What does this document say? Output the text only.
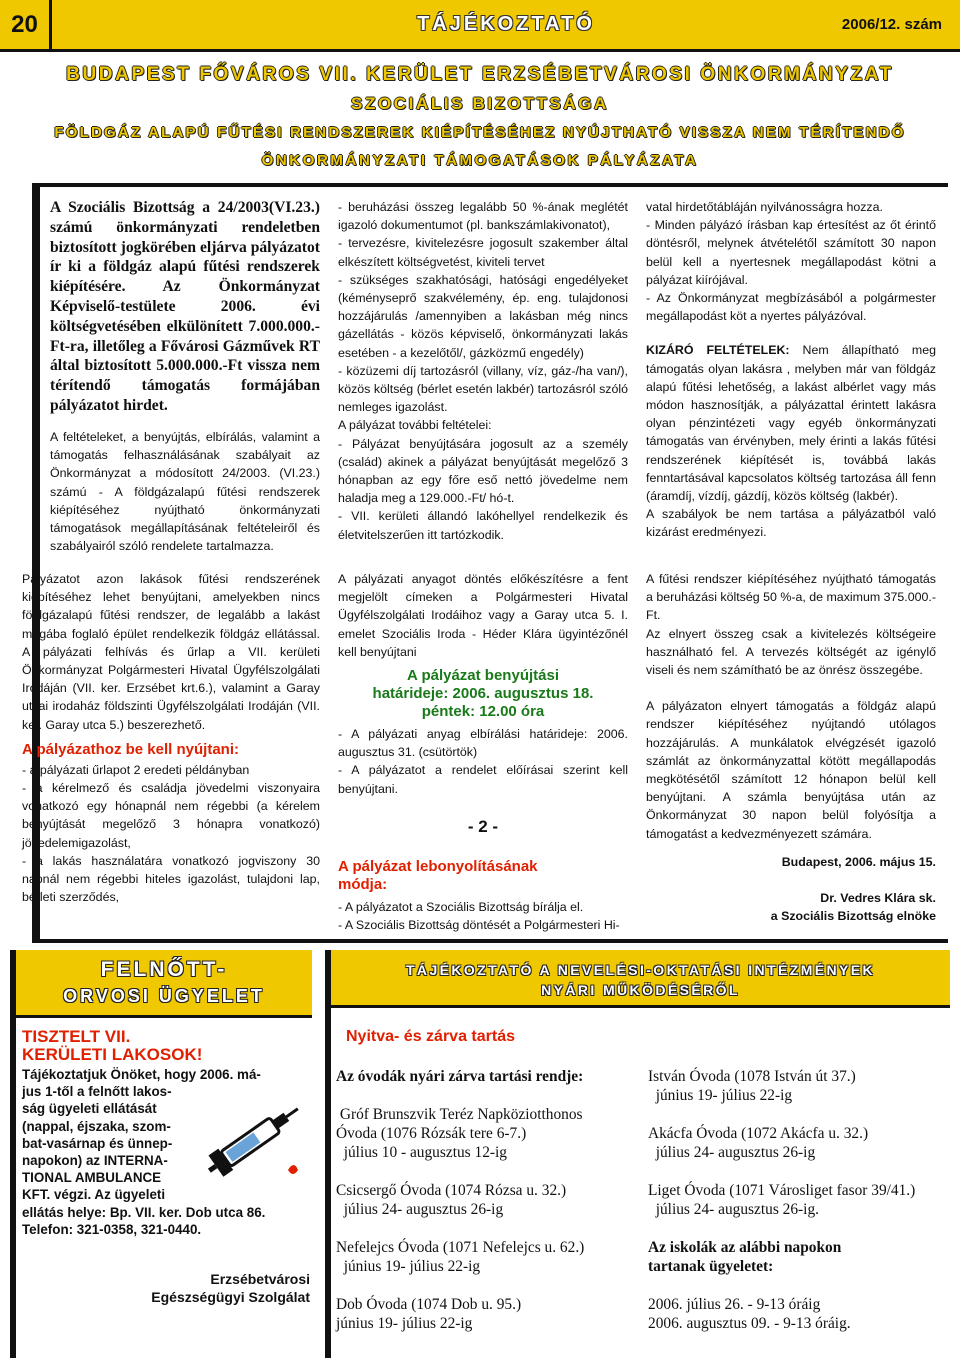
20	TÁJÉKOZTATÓ	2006/12. szám
BUDAPEST FŐVÁROS VII. KERÜLET ERZSÉBETVÁROSI ÖNKORMÁNYZAT
SZOCIÁLIS BIZOTTSÁGA
FÖLDGÁZ ALAPÚ FŰTÉSI RENDSZEREK KIÉPÍTÉSÉHEZ NYÚJTHATÓ VISSZA NEM TÉRÍTENDŐ
ÖNKORMÁNYZATI TÁMOGATÁSOK PÁLYÁZATA
A Szociális Bizottság a 24/2003(VI.23.) számú önkormányzati rendeletben biztosított jogkörében eljárva pályázatot ír ki a földgáz alapú fűtési rendszerek kiépítésére. Az Önkormányzat Képviselő-testülete 2006. évi költségvetésében elkülönített 7.000.000.- Ft-ra, illetőleg a Fővárosi Gázművek RT által biztosított 5.000.000.-Ft vissza nem térítendő támogatás formájában pályázatot hirdet.
A feltételeket, a benyújtás, elbírálás, valamint a támogatás felhasználásának szabályait az Önkormányzat a módosított 24/2003. (VI.23.) számú - A földgázalapú fűtési rendszerek kiépítéséhez nyújtható önkormányzati támogatások megállapításának feltételeiről és szabályairól szóló rendelete tartalmazza.

Pályázatot azon lakások fűtési rendszerének kiépítéséhez lehet benyújtani, amelyekben nincs földgázalapú fűtési rendszer, de legalább a lakást magába foglaló épület rendelkezik földgáz ellátással. A pályázati felhívás és űrlap a VII. kerületi Önkormányzat Polgármesteri Hivatal Ügyfélszolgálati Irodáján (VII. ker. Erzsébet krt.6.), valamint a Garay utcai irodaház földszinti Ügyfélszolgálati Irodáján (VII. ker. Garay utca 5.) beszerezhető.

A pályázathoz be kell nyújtani:

- a pályázati űrlapot 2 eredeti példányban

- a kérelmező és családja jövedelmi viszonyaira vonatkozó egy hónapnál nem régebbi (a kérelem benyújtását megelőző 3 hónapra vonatkozó) jövedelemigazolást,

- a lakás használatára vonatkozó jogviszony 30 napnál nem régebbi hiteles igazolást, tulajdoni lap, bérleti szerződés,

- beruházási összeg legalább 50 %-ának meglétét igazoló dokumentumot (pl. bankszámlakivonatot),

- tervezésre, kivitelezésre jogosult szakember által elkészített költségvetést, kiviteli tervet

- szükséges szakhatósági, hatósági engedélyeket (kéményseprő szakvélemény, ép. eng. tulajdonosi hozzájárulás /amennyiben a lakásban még nincs gázellátás - közös képviselő, önkormányzati lakás esetében - a kezelőtől/, gázközmű engedély)

- közüzemi díj tartozásról (villany, víz, gáz-/ha van/), közös költség (bérlet esetén lakbér) tartozásról szóló nemleges igazolást.

A pályázat további feltételei:

- Pályázat benyújtására jogosult az a személy (család) akinek a pályázat benyújtását megelőző 3 hónapban az egy főre eső nettó jövedelme nem haladja meg a 129.000.-Ft/ hó-t.

- VII. kerületi állandó lakóhellyel rendelkezik és életvitelszerűen itt tartózkodik.

A pályázati anyagot döntés előkészítésre a fent megjelölt címeken a Polgármesteri Hivatal Ügyfélszolgálati Irodáihoz vagy a Garay utca 5. I. emelet Szociális Iroda - Héder Klára ügyintézőnél kell benyújtani

A pályázat benyújtási

határideje: 2006. augusztus 18.

péntek: 12.00 óra

- A pályázati anyag elbírálási határideje: 2006. augusztus 31. (csütörtök)

- A pályázatot a rendelet előírásai szerint kell benyújtani.

- 2 -

A pályázat lebonyolításának

módja:

- A pályázatot a Szociális Bizottság bírálja el.

- A Szociális Bizottság döntését a Polgármesteri Hi-

vatal hirdetőtábláján nyilvánosságra hozza.

- Minden pályázó írásban kap értesítést az őt érintő döntésről, melynek átvételétől számított 30 napon belül kell a nyertesnek megállapodást kötni a pályázat kiírójával.

- Az Önkormányzat megbízásából a polgármester megállapodást köt a nyertes pályázóval.

KIZÁRÓ FELTÉTELEK: Nem állapítható meg támogatás olyan lakásra , melyben már van földgáz alapú fűtési lehetőség, a lakást albérlet vagy más módon hasznosítják, a pályázattal érintett lakásra olyan pénzintézeti vagy egyéb önkormányzati támogatás van érvényben, mely érinti a lakás fűtési rendszerének kiépítését is, továbbá lakás fenntartásával kapcsolatos költség tartozása áll fenn (áramdíj, vízdíj, gázdíj, közös költség (lakbér).

A szabályok be nem tartása a pályázatból való kizárást eredményezi.

A fűtési rendszer kiépítéséhez nyújtható támogatás a beruházási költség 50 %-a, de maximum 375.000.-Ft.

Az elnyert összeg csak a kivitelezés költségeire használható fel. A tervezés költségét az igénylő viseli és nem számítható be az önrész összegébe.

A pályázaton elnyert támogatás a földgáz alapú rendszer kiépítéséhez nyújtandó utólagos hozzájárulás. A munkálatok elvégzését igazoló számlát az önkormányzattal kötött megállapodás megkötésétől számított 12 hónapon belül kell benyújtani. A számla benyújtása után az Önkormányzat 30 napon belül folyósítja a támogatást a kedvezményezett számára.

Budapest, 2006. május 15.

Dr. Vedres Klára sk.

a Szociális Bizottság elnöke

FELNŐTT-
ORVOSI ÜGYELET
TISZTELT VII.
KERÜLETI LAKOSOK!
Tájékoztatjuk Önöket, hogy 2006. má-
jus 1-től a felnőtt lakos-
ság ügyeleti ellátását
(nappal, éjszaka, szom-
bat-vasárnap és ünnep-
napokon) az INTERNA-
TIONAL AMBULANCE
KFT. végzi. Az ügyeleti
ellátás helye: Bp. VII. ker. Dob utca 86.
Telefon: 321-0358, 321-0440.
Erzsébetvárosi
Egészségügyi Szolgálat
TÁJÉKOZTATÓ A NEVELÉSI-OKTATÁSI INTÉZMÉNYEK
NYÁRI MŰKÖDÉSÉRŐL
Nyitva- és zárva tartás
Az óvodák nyári zárva tartási rendje:
Gróf Brunszvik Teréz Napköziotthonos
Óvoda (1076 Rózsák tere 6-7.)
július 10 - augusztus 12-ig
Csicsergő Óvoda (1074 Rózsa u. 32.)
július 24- augusztus 26-ig
Nefelejcs Óvoda (1071 Nefelejcs u. 62.)
június 19- július 22-ig
Dob Óvoda (1074 Dob u. 95.)
június 19- július 22-ig
István Óvoda (1078 István út 37.)
június 19- július 22-ig
Akácfa Óvoda (1072 Akácfa u. 32.)
július 24- augusztus 26-ig
Liget Óvoda (1071 Városliget fasor 39/41.)
július 24- augusztus 26-ig.
Az iskolák az alábbi napokon
tartanak ügyeletet:
2006. július 26. - 9-13 óráig
2006. augusztus 09. - 9-13 óráig.
